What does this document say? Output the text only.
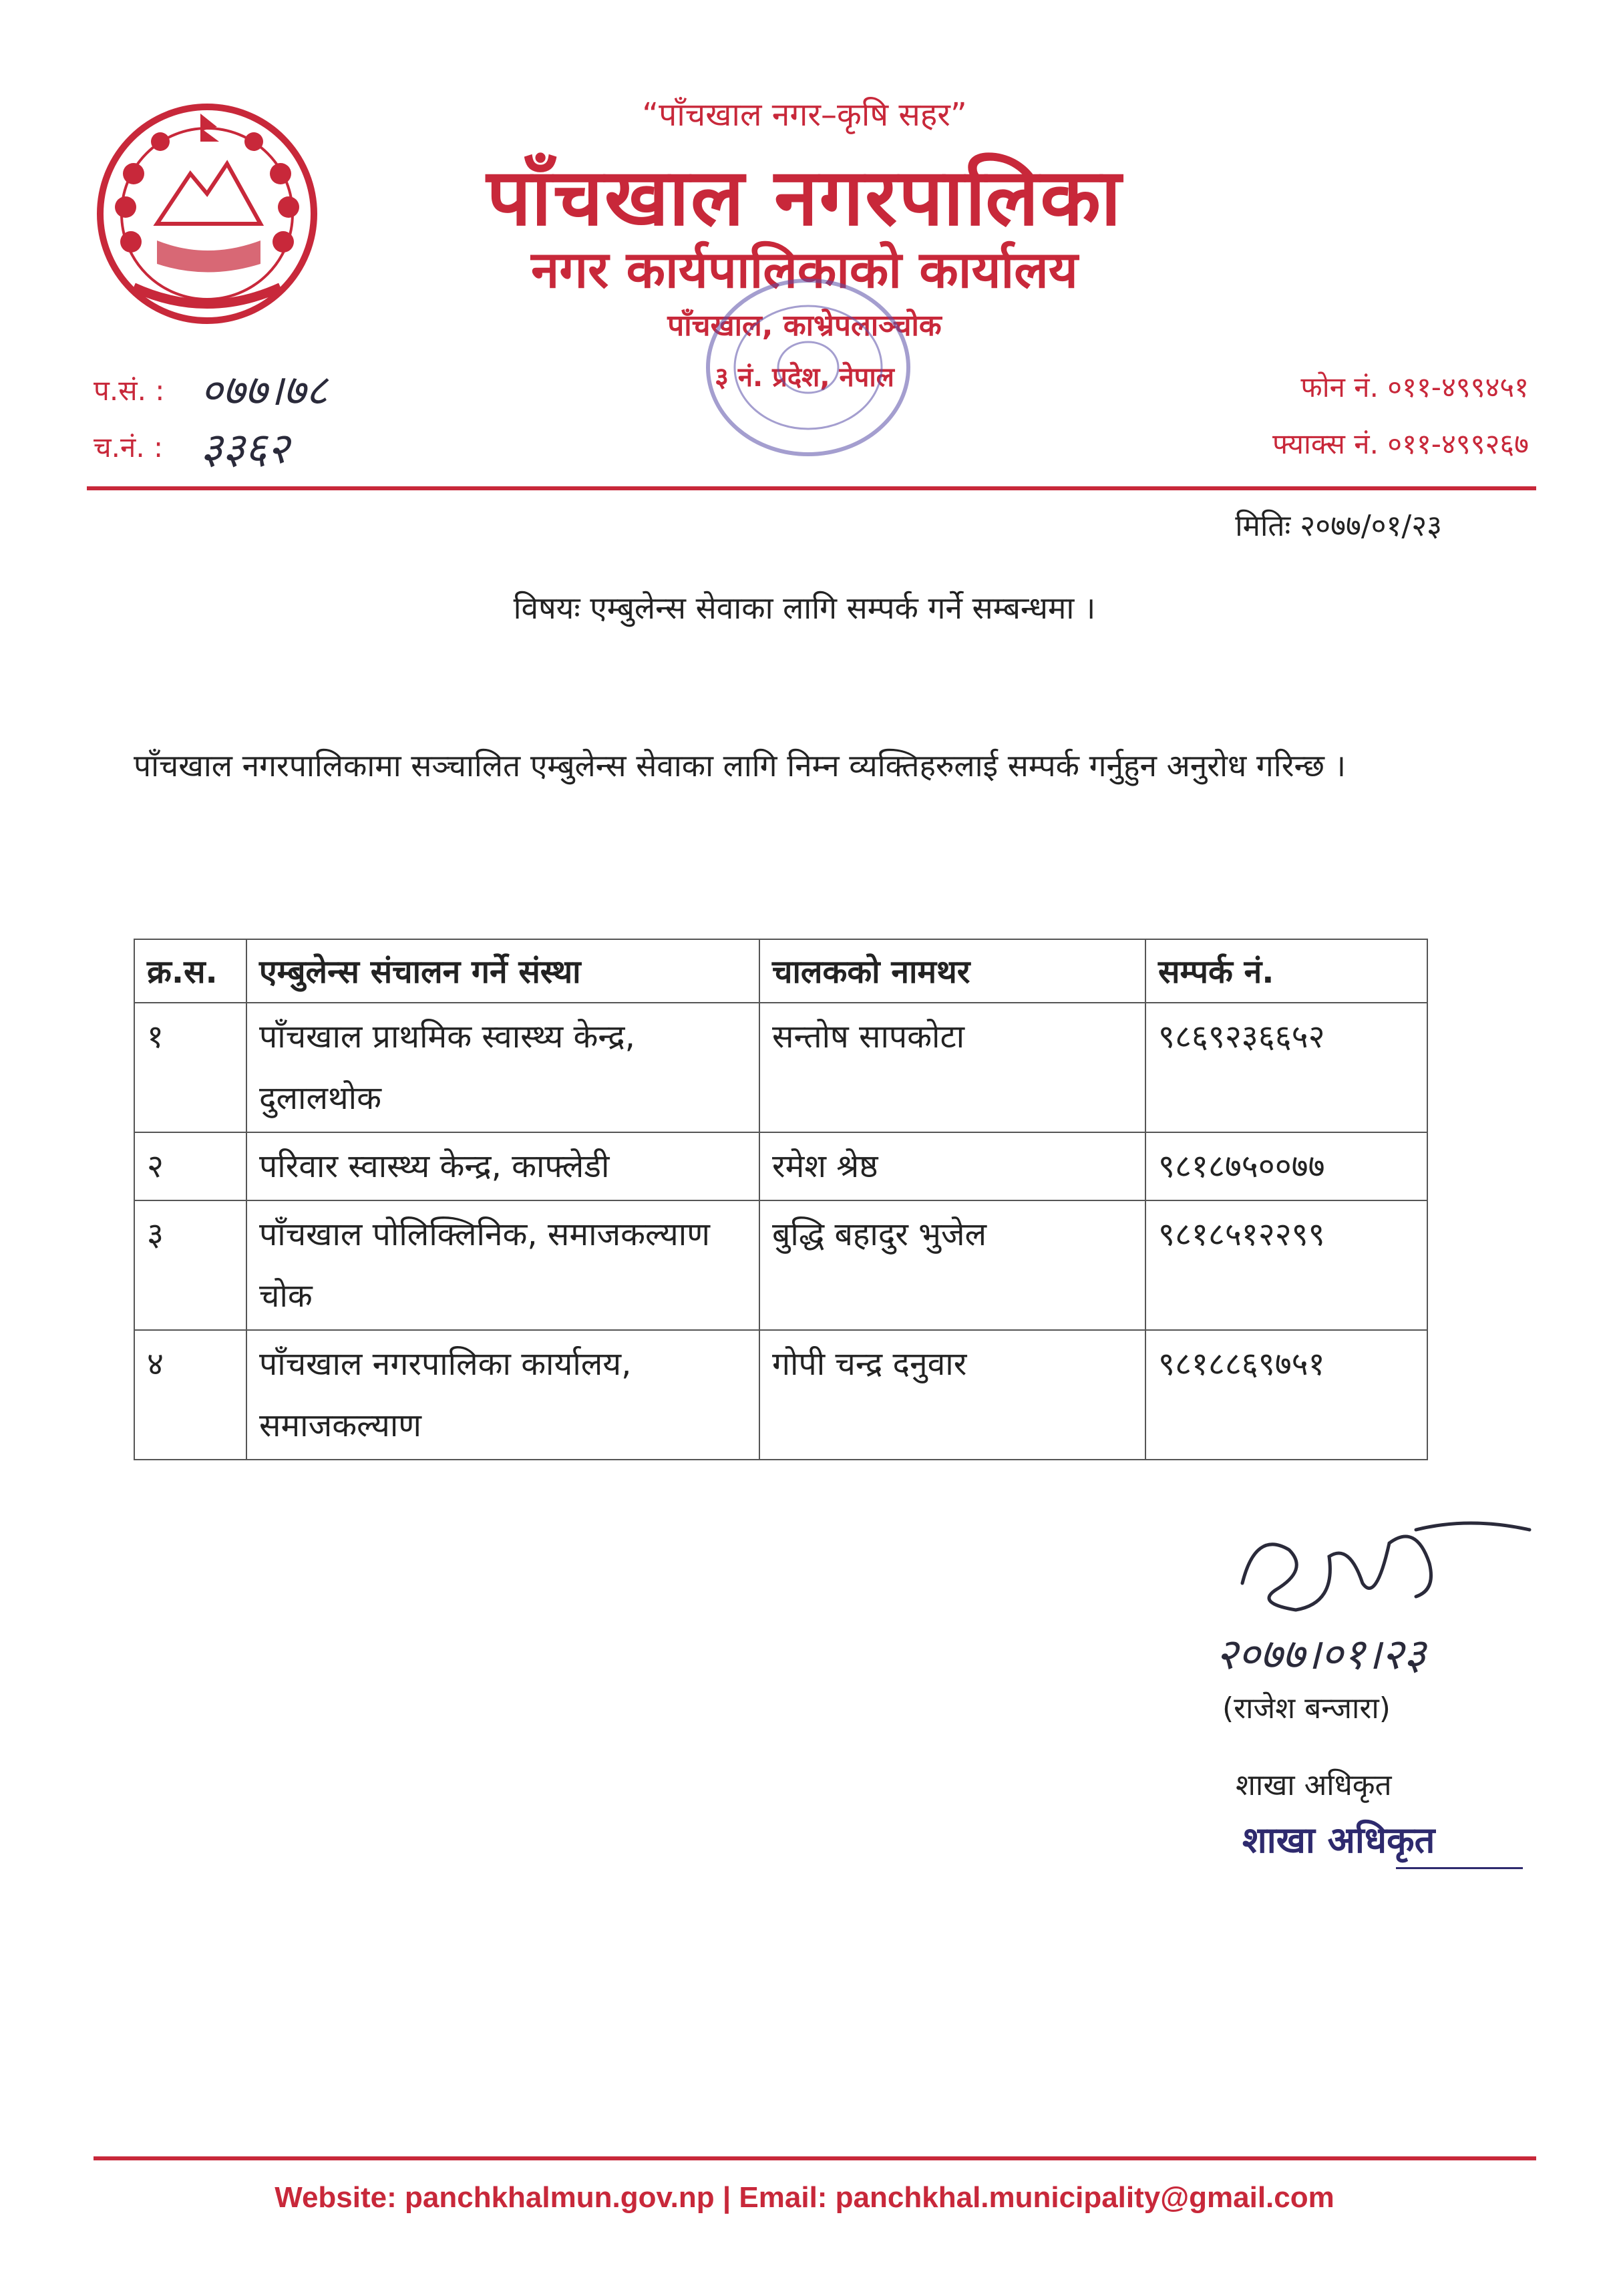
“पाँचखाल नगर–कृषि सहर”
पाँचखाल नगरपालिका
नगर कार्यपालिकाको कार्यालय
पाँचखाल, काभ्रेपलाञ्चोक
३ नं. प्रदेश, नेपाल
प.सं. : ०७७।७८
च.नं. : ३३६२
फोन नं. ०११-४९९४५१
फ्याक्स नं. ०११-४९९२६७
मितिः २०७७/०१/२३
विषयः एम्बुलेन्स सेवाका लागि सम्पर्क गर्ने सम्बन्धमा ।
पाँचखाल नगरपालिकामा सञ्चालित एम्बुलेन्स सेवाका लागि निम्न व्यक्तिहरुलाई सम्पर्क गर्नुहुन अनुरोध गरिन्छ ।
क्र.स.	एम्बुलेन्स संचालन गर्ने संस्था	चालकको नामथर	सम्पर्क नं.
१	पाँचखाल प्राथमिक स्वास्थ्य केन्द्र, दुलालथोक	सन्तोष सापकोटा	९८६९२३६६५२
२	परिवार स्वास्थ्य केन्द्र, काफ्लेडी	रमेश श्रेष्ठ	९८१८७५००७७
३	पाँचखाल पोलिक्लिनिक, समाजकल्याण चोक	बुद्धि बहादुर भुजेल	९८१८५१२२९९
४	पाँचखाल नगरपालिका कार्यालय, समाजकल्याण	गोपी चन्द्र दनुवार	९८१८८६९७५१
२०७७।०१।२३
(राजेश बन्जारा)
शाखा अधिकृत
शाखा अधिकृत
Website: panchkhalmun.gov.np | Email: panchkhal.municipality@gmail.com
